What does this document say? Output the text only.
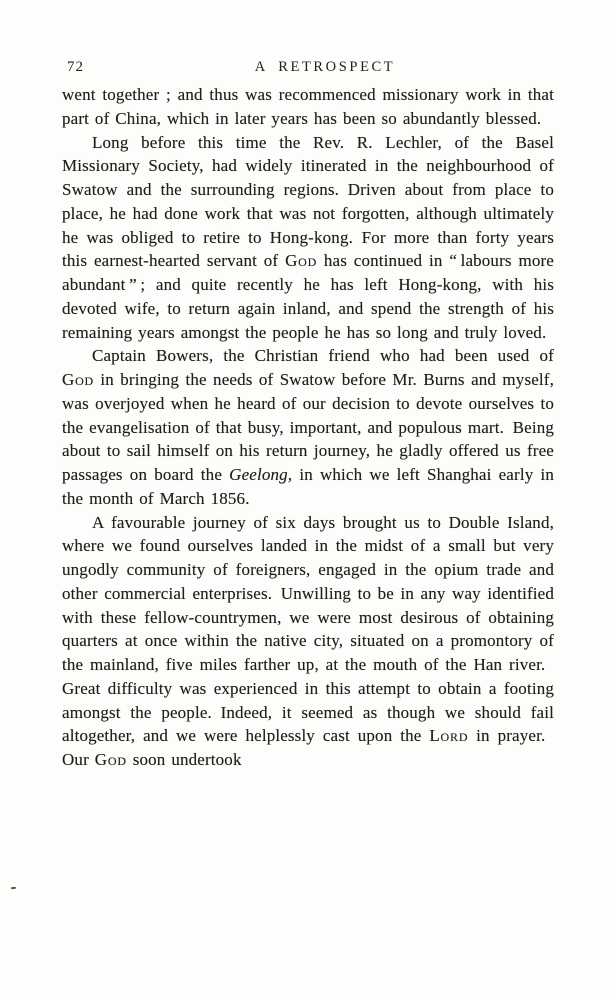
72	A RETROSPECT

went together ; and thus was recommenced missionary work in that part of China, which in later years has been so abundantly blessed.

Long before this time the Rev. R. Lechler, of the Basel Missionary Society, had widely itinerated in the neighbourhood of Swatow and the surrounding regions. Driven about from place to place, he had done work that was not forgotten, although ultimately he was obliged to retire to Hong-kong. For more than forty years this earnest-hearted servant of God has continued in “ labours more abundant ” ; and quite recently he has left Hong-kong, with his devoted wife, to return again inland, and spend the strength of his remaining years amongst the people he has so long and truly loved.

Captain Bowers, the Christian friend who had been used of God in bringing the needs of Swatow before Mr. Burns and myself, was overjoyed when he heard of our decision to devote ourselves to the evangelisation of that busy, important, and populous mart. Being about to sail himself on his return journey, he gladly offered us free passages on board the Geelong, in which we left Shanghai early in the month of March 1856.

A favourable journey of six days brought us to Double Island, where we found ourselves landed in the midst of a small but very ungodly community of foreigners, engaged in the opium trade and other commercial enterprises. Unwilling to be in any way identified with these fellow-countrymen, we were most desirous of obtaining quarters at once within the native city, situated on a promontory of the mainland, five miles farther up, at the mouth of the Han river. Great difficulty was experienced in this attempt to obtain a footing amongst the people. Indeed, it seemed as though we should fail altogether, and we were helplessly cast upon the Lord in prayer. Our God soon undertook
